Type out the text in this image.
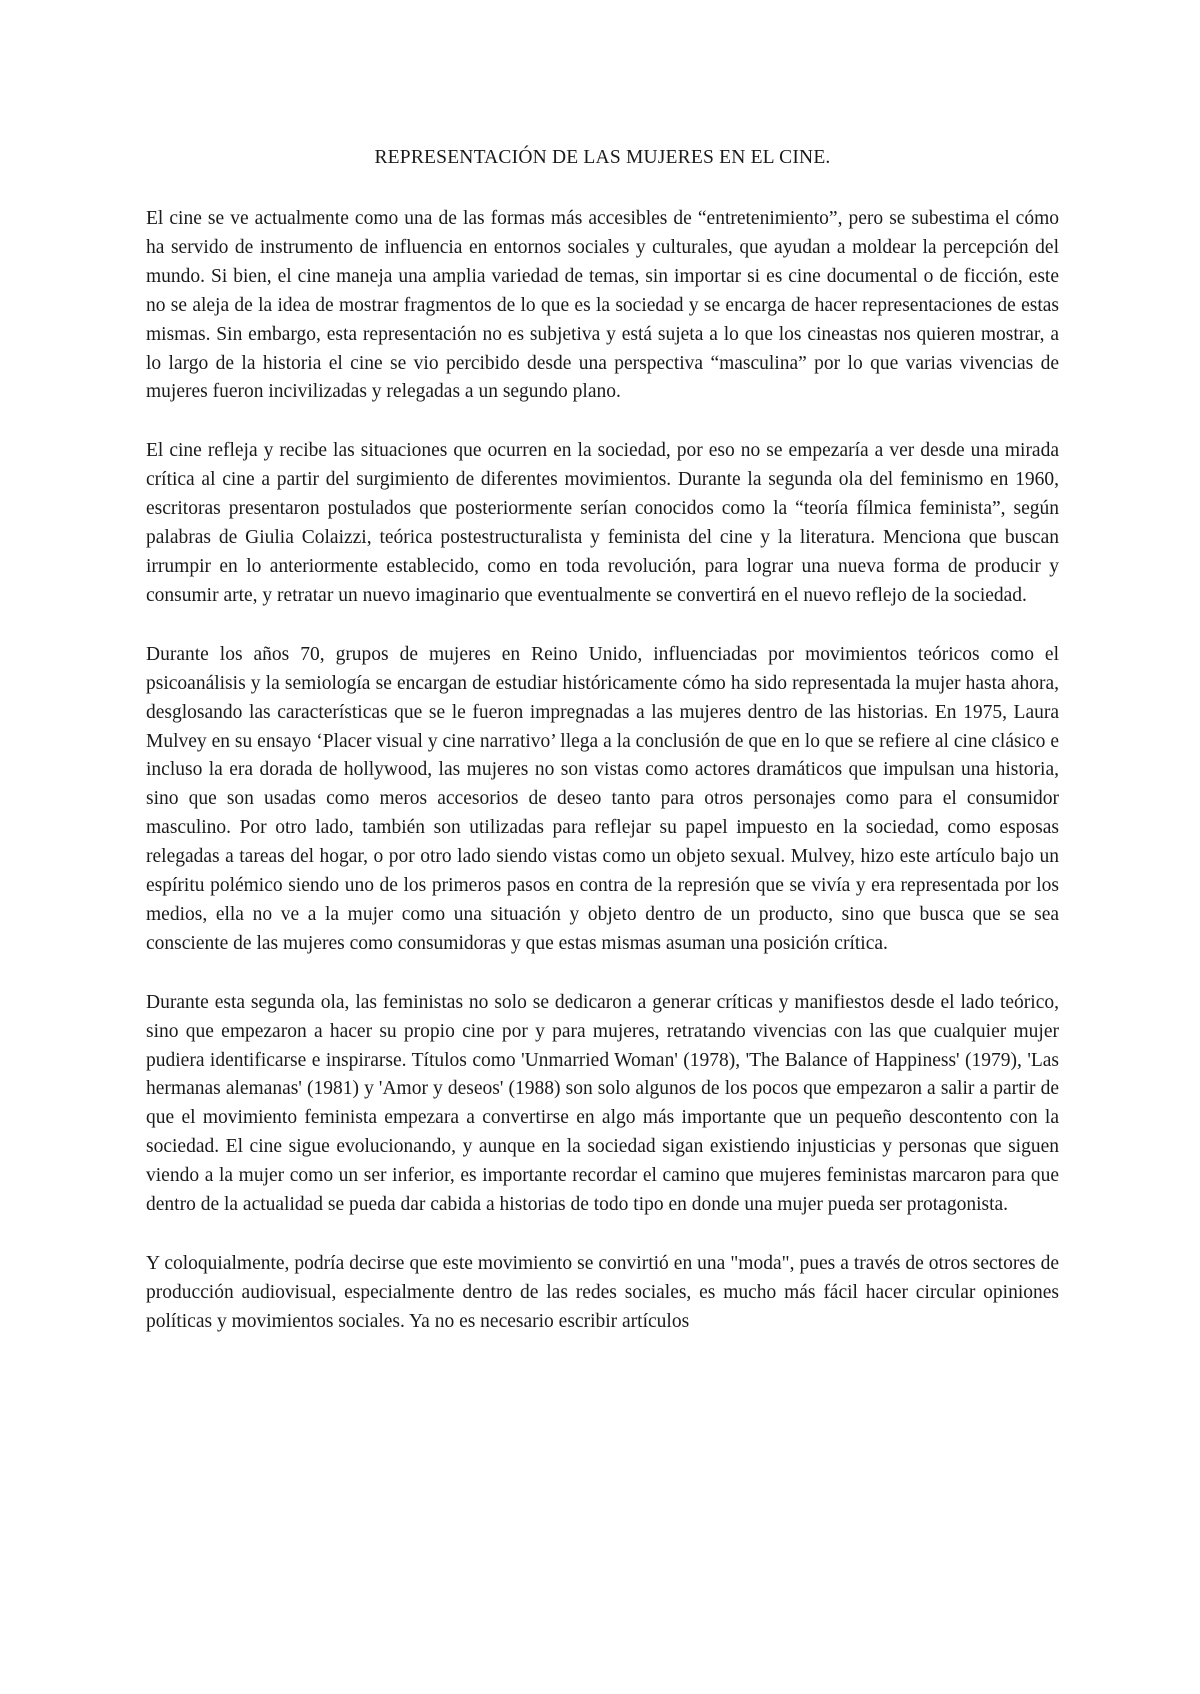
REPRESENTACIÓN DE LAS MUJERES EN EL CINE.

El cine se ve actualmente como una de las formas más accesibles de “entretenimiento”, pero se subestima el cómo ha servido de instrumento de influencia en entornos sociales y culturales, que ayudan a moldear la percepción del mundo. Si bien, el cine maneja una amplia variedad de temas, sin importar si es cine documental o de ficción, este no se aleja de la idea de mostrar fragmentos de lo que es la sociedad y se encarga de hacer representaciones de estas mismas. Sin embargo, esta representación no es subjetiva y está sujeta a lo que los cineastas nos quieren mostrar, a lo largo de la historia el cine se vio percibido desde una perspectiva “masculina” por lo que varias vivencias de mujeres fueron incivilizadas y relegadas a un segundo plano.

El cine refleja y recibe las situaciones que ocurren en la sociedad, por eso no se empezaría a ver desde una mirada crítica al cine a partir del surgimiento de diferentes movimientos. Durante la segunda ola del feminismo en 1960, escritoras presentaron postulados que posteriormente serían conocidos como la “teoría fílmica feminista”, según palabras de Giulia Colaizzi, teórica postestructuralista y feminista del cine y la literatura. Menciona que buscan irrumpir en lo anteriormente establecido, como en toda revolución, para lograr una nueva forma de producir y consumir arte, y retratar un nuevo imaginario que eventualmente se convertirá en el nuevo reflejo de la sociedad.

Durante los años 70, grupos de mujeres en Reino Unido, influenciadas por movimientos teóricos como el psicoanálisis y la semiología se encargan de estudiar históricamente cómo ha sido representada la mujer hasta ahora, desglosando las características que se le fueron impregnadas a las mujeres dentro de las historias. En 1975, Laura Mulvey en su ensayo ‘Placer visual y cine narrativo’ llega a la conclusión de que en lo que se refiere al cine clásico e incluso la era dorada de hollywood, las mujeres no son vistas como actores dramáticos que impulsan una historia, sino que son usadas como meros accesorios de deseo tanto para otros personajes como para el consumidor masculino. Por otro lado, también son utilizadas para reflejar su papel impuesto en la sociedad, como esposas relegadas a tareas del hogar, o por otro lado siendo vistas como un objeto sexual. Mulvey, hizo este artículo bajo un espíritu polémico siendo uno de los primeros pasos en contra de la represión que se vivía y era representada por los medios, ella no ve a la mujer como una situación y objeto dentro de un producto, sino que busca que se sea consciente de las mujeres como consumidoras y que estas mismas asuman una posición crítica.

Durante esta segunda ola, las feministas no solo se dedicaron a generar críticas y manifiestos desde el lado teórico, sino que empezaron a hacer su propio cine por y para mujeres, retratando vivencias con las que cualquier mujer pudiera identificarse e inspirarse. Títulos como 'Unmarried Woman' (1978), 'The Balance of Happiness' (1979), 'Las hermanas alemanas' (1981) y 'Amor y deseos' (1988) son solo algunos de los pocos que empezaron a salir a partir de que el movimiento feminista empezara a convertirse en algo más importante que un pequeño descontento con la sociedad. El cine sigue evolucionando, y aunque en la sociedad sigan existiendo injusticias y personas que siguen viendo a la mujer como un ser inferior, es importante recordar el camino que mujeres feministas marcaron para que dentro de la actualidad se pueda dar cabida a historias de todo tipo en donde una mujer pueda ser protagonista.

Y coloquialmente, podría decirse que este movimiento se convirtió en una "moda", pues a través de otros sectores de producción audiovisual, especialmente dentro de las redes sociales, es mucho más fácil hacer circular opiniones políticas y movimientos sociales. Ya no es necesario escribir artículos
